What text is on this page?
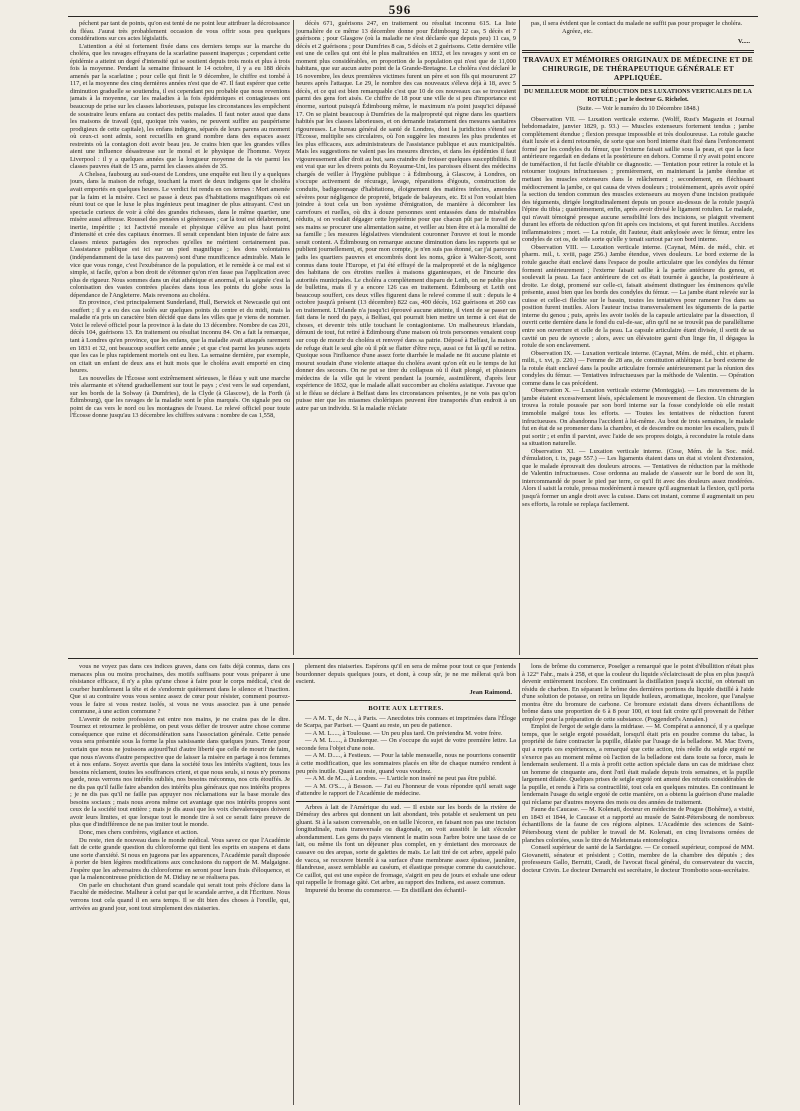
596

péchent par tant de points, qu'on est tenté de ne point leur attribuer la décroissance du fléau. J'aurai très probablement occasion de vous offrir sous peu quelques considérations sur ces actes législatifs.

L'attention a été si fortement fixée dans ces derniers temps sur la marche du choléra, que les ravages effrayans de la scarlatine passent inaperçus ; cependant cette épidémie a atteint un degré d'intensité qui se soutient depuis trois mois et plus à trois fois la moyenne. Pendant la semaine finissant le 14 octobre, il y a eu 188 décès amenés par la scarlatine ; pour celle qui finit le 9 décembre, le chiffre est tombé à 117, et la moyenne des cinq dernières années n'est que de 47. Il faut espérer que cette diminution graduelle se soutiendra, il est cependant peu probable que nous revenions jamais à la moyenne, car les maladies à la fois épidémiques et contagieuses ont beaucoup de prise sur les classes laborieuses, puisque les circonstances les empêchent de soustraire leurs enfans au contact des petits malades. Il faut noter aussi que dans les maisons de travail (qui, quoique très vastes, ne peuvent suffire au paupérisme prodigieux de cette capitale), les enfans indigens, séparés de leurs parens au moment où ceux-ci sont admis, sont recueillis en grand nombre dans des espaces assez restreints où la contagion doit avoir beau jeu. Je crains bien que les grandes villes aient une influence désastreuse sur le moral et le physique de l'homme. Voyez Liverpool : il y a quelques années que la longueur moyenne de la vie parmi les classes pauvres était de 15 ans, parmi les classes aisées de 35.

A Chelsea, faubourg au sud-ouest de Londres, une enquête eut lieu il y a quelques jours, dans la maison de refuge, touchant la mort de deux indigens que le choléra avait emportés en quelques heures. Le verdict fut rendu en ces termes : Mort amenée par la faim et la misère. Ceci se passe à deux pas d'habitations magnifiques où est réuni tout ce que le luxe le plus ingénieux peut imaginer de plus attrayant. C'est un spectacle curieux de voir à côté des grandes richesses, dans le même quartier, une misère aussi affreuse. Roussel des pensées si généreuses ; car là tout est délabrement, inertie, impéritie ; ici l'activité morale et physique s'élève au plus haut point d'intensité et crée des capitaux énormes. Il serait cependant bien injuste de faire aux classes mieux partagées des reproches qu'elles ne méritent certainement pas. L'assistance publique est ici sur un pied magnifique ; les dons volontaires (indépendamment de la taxe des pauvres) sont d'une munificence admirable. Mais le vice que vous ronge, c'est l'exubérance de la population, et le remède à ce mal est si simple, si facile, qu'on a bon droit de s'étonner qu'on n'en fasse pas l'application avec plus de rigueur. Nous sommes dans un état athénique et anormal, et la saignée c'est la colonisation des vastes contrées placées dans tous les points du globe sous la dépendance de l'Angleterre. Mais revenons au choléra.

En province, c'est principalement Sunderland, Hull, Berwick et Newcastle qui ont souffert ; il y a eu des cas isolés sur quelques points du centre et du midi, mais la maladie n'a pris un caractère bien décidé que dans les villes que je viens de nommer. Voici le relevé officiel pour la province à la date du 13 décembre. Nombre de cas 201, décès 104, guérisons 13. En traitement ou résultat inconnu 84. On a fait la remarque, tant à Londres qu'en province, que les enfans, que la maladie avait attaqués rarement en 1831 et 32, ont beaucoup souffert cette année ; et que c'est parmi les jeunes sujets que les cas le plus rapidement mortels ont eu lieu. La semaine dernière, par exemple, on citait un enfant de deux ans et huit mois que le choléra avait emporté en cinq heures.

Les nouvelles de l'Écosse sont extrêmement sérieuses, le fléau y suit une marche très alarmante et s'étend graduellement sur tout le pays ; c'est vers le sud cependant, sur les bords de la Solway (à Dumfries), de la Clyde (à Glascow), de la Forth (à Édimbourg), que les ravages de la maladie sont le plus marqués. On signale peu ou point de cas vers le nord ou les montagnes de l'ouest. Le relevé officiel pour toute l'Écosse donne jusqu'au 13 décembre les chiffres suivans : nombre de cas 1,558,

décès 671, guérisons 247, en traitement ou résultat inconnu 615. La liste journalière de ce même 13 décembre donne pour Édimbourg 12 cas, 5 décès et 7 guérisons ; pour Glasgow (où la maladie ne s'est déclarée que depuis peu) 11 cas, 9 décès et 2 guérisons ; pour Dumfries 8 cas, 5 décès et 2 guérisons. Cette dernière ville est une de celles qui ont été le plus maltraitées en 1832, et les ravages y sont en ce moment plus considérables, en proportion de la population qui n'est que de 11,000 habitans, que sur aucun autre point de la Grande-Bretagne. Le choléra s'est déclaré le 16 novembre, les deux premières victimes furent un père et son fils qui moururent 27 heures après l'attaque. Le 29, le nombre des cas nouveaux s'éleva déjà à 18, avec 5 décès, et ce qui est bien remarquable c'est que 10 de ces nouveaux cas se trouvaient parmi des gens fort aisés. Ce chiffre de 18 pour une ville de si peu d'importance est énorme, surtout puisqu'à Édimbourg même, le maximum n'a point jusqu'ici dépassé 17. On se plaint beaucoup à Dumfries de la malpropreté qui règne dans les quartiers habités par les classes laborieuses, et on demande instamment des mesures sanitaires rigoureuses. Le bureau général de santé de Londres, dont la juridiction s'étend sur l'Écosse, multiplie ses circulaires, où l'on suggère les mesures les plus prudentes et les plus efficaces, aux administrateurs de l'assistance publique et aux municipalités. Mais les suggestions ne valent pas les mesures directes, et dans les épidémies il faut vigoureusement aller droit au but, sans craindre de froisser quelques susceptibilités. Il est vrai que sur les divers points du Royaume-Uni, les paroisses élisent des médecins chargés de veiller à l'hygiène publique : à Édimbourg, à Glascow, à Londres, on s'occupe activement de récurage, lavage, réparations d'égouts, construction de conduits, badigeonnage d'habitations, éloignement des matières infectes, amendes sévères pour négligence de propreté, brigade de balayeurs, etc. Et si l'on voulait bien joindre à tout cela un bon système d'émigration, de manière à décombrer les carrefours et ruelles, où dix à douze personnes sont entassées dans de misérables réduits, si on voulait dégager cette hypérémie pour que chacun pût par le travail de ses mains se procurer une alimentation saine, et veiller au bien être et à la moralité de sa famille ; les mesures législatives viendraient couronner l'œuvre et tout le monde serait content. A Édimbourg on remarque aucune diminution dans les rapports qui se publient journellement, et, pour mon compte, je n'en suis pas étonné, car j'ai parcouru jadis les quartiers pauvres et encombrés dont les noms, grâce à Walter-Scott, sont connus dans toute l'Europe, et j'ai été effrayé de la malpropreté et de la négligence des habitans de ces étroites ruelles à maisons gigantesques, et de l'incurie des autorités municipales. Le choléra a complètement disparu de Leith, on ne publie plus de bulletins, mais il y a encore 126 cas en traitement. Édimbourg et Leith ont beaucoup souffert, ces deux villes figurent dans le relevé comme il suit : depuis le 4 octobre jusqu'à présent (13 décembre) 822 cas, 400 décès, 162 guérisons et 260 cas en traitement. L'Irlande n'a jusqu'ici éprouvé aucune atteinte, il vient de se passer un fait dans le nord du pays, à Belfast, qui pourrait bien mettre un terme à cet état de choses, et devenir très utile touchant le contagionisme. Un malheureux irlandais, démuni de tout, fut retiré à Édimbourg d'une maison où trois personnes venaient coup sur coup de mourir du choléra et renvoyé dans sa patrie. Déposé à Belfast, la maison de refuge était le seul gîte où il pût se flatter d'être reçu, aussi ce fut là qu'il se retira. Quoique sous l'influence d'une assez forte diarrhée le malade ne fit aucune plainte et mourut soudain d'une violente attaque du choléra avant qu'on eût eu le temps de lui donner des secours. On ne put se tirer du collapsus où il était plongé, et plusieurs médecins de la ville qui le virent pendant la journée, assimilèrent, d'après leur expérience de 1832, que le malade allait succomber au choléra asiatique. J'avoue que si le fléau se déclare à Belfast dans les circonstances présentes, je ne vois pas qu'on puisse nier que les miasmes cholériques peuvent être transportés d'un endroit à un autre par un individu. Si la maladie n'éclate

pas, il sera évident que le contact du malade ne suffit pas pour propager le choléra.

Agréez, etc.

V.....
TRAVAUX ET MÉMOIRES ORIGINAUX DE MÉDECINE ET DE CHIRURGIE, DE THÉRAPEUTIQUE GÉNÉRALE ET APPLIQUÉE.
DU MEILLEUR MODE DE RÉDUCTION DES LUXATIONS VERTICALES DE LA ROTULE ; par le docteur G. Richelot.
(Suite. — Voir le numéro du 10 Décembre 1848.)

Observation VII. — Luxation verticale externe. (Wolff, Rust's Magazin et Journal hebdomadaire, janvier 1829, p. 93.) — Muscles extenseurs fortement tendus ; jambe complètement étendue ; flexion presque impossible et très douloureuse. La rotule gauche était luxée et à demi retournée, de sorte que son bord interne était fixé dans l'enfoncement formé par les condyles du fémur, que l'externe faisait saillie sous la peau, et que la face antérieure regardait en dedans et la postérieure en dehors. Comme il n'y avait point encore de tuméfaction, il fut facile d'établir ce diagnostic. — Tentation pour retirer la rotule et la retourner toujours infructueuses ; premièrement, en maintenant la jambe étendue et mettant les muscles extenseurs dans le relâchement ; secondement, en fléchissant médiocrement la jambe, ce qui causa de vives douleurs ; troisièmement, après avoir opéré la section du tendon commun des muscles extenseurs au moyen d'une incision pratiquée des téguments, dirigée longitudinalement depuis un pouce au-dessus de la rotule jusqu'à l'épine du tibia ; quatrièmement, enfin, après avoir divisé le ligament rotulien. Le malade, qui n'avait témoigné presque aucune sensibilité lors des incisions, se plaignit vivement durant les efforts de réduction qu'on fit après ces incisions, et qui furent inutiles. Accidens inflammatoires ; mort. — La rotule, dit l'auteur, était ankylosée avec le fémur, entre les condyles de cet os, de telle sorte qu'elle y tenait surtout par son bord interne.

Observation VIII. — Luxation verticale interne. (Caynat, Mém. de méd., chir. et pharm. mil., t. xviii, page 256.) Jambe étendue, vives douleurs. Le bord externe de la rotule gauche était enclavé dans l'espace de poulie articulaire que les condyles du fémur forment antérieurement ; l'externe faisait saillie à la partie antérieure du genou, et soulevait la peau. La face antérieure de cet os était tournée à gauche, la postérieure à droite. Le doigt, promené sur celle-ci, faisait aisément distinguer les éminences qu'elle présente, aussi bien que les bords des condyles du fémur. — La jambe étant relevée sur la cuisse et celle-ci fléchie sur le bassin, toutes les tentatives pour ramener l'os dans sa position furent inutiles. Alors l'auteur incisa transversalement les téguments de la partie interne du genou ; puis, après les avoir isolés de la capsule articulaire par la dissection, il ouvrit cette dernière dans le fond du cul-de-sac, afin qu'il ne se trouvât pas de parallélisme entre son ouverture et celle de la peau. La capsule articulaire étant divisée, il sortit de sa cavité un peu de synovie ; alors, avec un élévatoire garni d'un linge fin, il dégagea la rotule de son enclavement.

Observation IX. — Luxation verticale interne. (Caynat, Mém. de méd., chir. et pharm. milit., t. xvi, p. 220.) — Femme de 28 ans, de constitution athlétique. Le bord externe de la rotule était enclavé dans la poulie articulaire formée antérieurement par la réunion des condyles du fémur. — Tentatives infructueuses par la méthode de Valentin. — Opération comme dans le cas précédent.

Observation X. — Luxation verticale externe (Monteggia). — Les mouvemens de la jambe étaient excessivement lésés, spécialement le mouvement de flexion. Un chirurgien trouva la rotule poussée par son bord interne sur la fosse condyloïde où elle restait immobile malgré tous les efforts. — Toutes les tentatives de réduction furent infructueuses. On abandonna l'accident à lui-même. Au bout de trois semaines, le malade fut en état de se promener dans la chambre, et de descendre ou monter les escaliers, puis il put sortir ; et enfin il parvint, avec l'aide de ses propres doigts, à reconduire la rotule dans sa situation naturelle.

Observation XI. — Luxation verticale interne. (Cose, Mém. de la Soc. méd. d'émulation, t. ix, page 557.) — Les ligaments étaient dans un état si violent d'extension, que le malade éprouvait des douleurs atroces. — Tentatives de réduction par la méthode de Valentin infructueuses. Cose ordonna au malade de s'asseoir sur le bord de son lit, intercommandé de poser le pied par terre, ce qu'il fit avec des douleurs assez modérées. Alors il saisit la rotule, pressa modérément à mesure qu'il augmentait la flexion, qu'il porta jusqu'à former un angle droit avec la cuisse. Dans cet instant, comme il augmentait un peu ses efforts, la rotule se replaça facilement.

vous ne voyez pas dans ces indices graves, dans ces faits déjà connus, dans ces menaces plus ou moins prochaines, des motifs suffisans pour vous préparer à une résistance efficace, il n'y a plus qu'une chose à faire pour le corps médical, c'est de courber humblement la tête et de s'endormir quiètement dans le silence et l'inaction. Que si au contraire vous vous sentez assez de cœur pour résister, comment pourrez-vous le faire si vous restez isolés, si vous ne vous associez pas à une pensée commune, à une action commune ?

L'avenir de notre profession est entre nos mains, je ne crains pas de le dire. Tournez et retournez le problème, on peut vous défier de trouver autre chose comme conséquence que ruine et déconsidération sans l'association générale. Cette pensée vous sera présentée sous la forme la plus saisissante dans quelques jours. Tenez pour certain que nous ne jouissons aujourd'hui d'autre liberté que celle de mourir de faim, que nous n'avons d'autre perspective que de laisser la misère en partage à nos femmes et à nos enfans. Soyez avertis que dans la société tous les intérêts s'agitent, tous les besoins réclament, toutes les souffrances crient, et que nous seuls, si nous n'y prenons garde, nous verrons nos intérêts oubliés, nos besoins méconnus, nos cris étouffés. Je ne dis pas qu'il faille faire abandon des intérêts plus généraux que nos intérêts propres ; je ne dis pas qu'il ne faille pas appuyer nos réclamations sur la base morale des besoins sociaux ; mais nous avons même cet avantage que nos intérêts propres sont ceux de la société tout entière ; mais je dis aussi que les voix chevaleresques doivent avoir leurs limites, et que lorsque tout le monde tire à soi ce serait faire preuve de plus que d'indifférence de ne pas imiter tout le monde.

Donc, mes chers confrères, vigilance et action.

Du reste, rien de nouveau dans le monde médical. Vous savez ce que l'Académie fait de cette grande question du chloroforme qui tient les esprits en suspens et dans une sorte d'anxiété. Si nous en jugeons par les apparences, l'Académie paraît disposée à porter de bien légères modifications aux conclusions du rapport de M. Malgaigne. J'espère que les adversaires du chloroforme en seront pour leurs frais d'éloquence, et que la malencontreuse prédiction de M. Didiay ne se réalisera pas.

On parle en chuchotant d'un grand scandale qui serait tout près d'éclore dans la Faculté de médecine. Malheur à celui par qui le scandale arrive, a dit l'Écriture. Nous verrons tout cela quand il en sera temps. Il se dit bien des choses à l'oreille, qui, arrivées au grand jour, sont tout simplement des niaiseries.

plement des niaiseries. Espérons qu'il en sera de même pour tout ce que j'entends bourdonner depuis quelques jours, et dont, à coup sûr, je ne me mêlerai qu'à bon escient.

Jean Raimond.
BOITE AUX LETTRES.

— A M. T., de N...., à Paris. — Anecdotes très connues et imprimées dans l'Éloge de Scarpa, par Pariset. — Quant au reste, un peu de patience.

— A M. L....., à Toulouse. — Un peu plus tard. On préviendra M. votre frère.

— A M. L....., à Dunkerque. — On s'occupe du sujet de votre première lettre. La seconde fera l'objet d'une note.

— A M. D....., à Festieux. — Pour la table mensuelle, nous ne pourrions consentir à cette modification, que les sommaires placés en tête de chaque numéro rendent à peu près inutile. Quant au reste, quand vous voudrez.

— A M. de M...., à Londres. — L'article non inséré ne peut pas être publié.

— A M. O'S...., à Besson. — J'ai eu l'honneur de vous répondre qu'il serait sage d'attendre le rapport de l'Académie de médecine.

Arbres à lait de l'Amérique du sud. — Il existe sur les bords de la rivière de Déméray des arbres qui donnent un lait abondant, très potable et seulement un peu gluant. Si à la saison convenable, on en taille l'écorce, en faisant non pas une incision longitudinale, mais transversale ou diagonale, on voit aussitôt le lait s'écouler abondamment. Les gens du pays viennent le matin sous l'arbre boire une tasse de ce lait, ou même ils font un déjeuner plus complet, en y émiettant des morceaux de cassave ou des arepas, sorte de galettes de maïs. Le lait tiré de cet arbre, appelé palo de vacca, se recouvre bientôt à sa surface d'une membrane assez épaisse, jaunâtre, filandreuse, assez semblable au caséum, et élastique presque comme du caoutchouc. Ce caillot, qui est une espèce de fromage, s'aigrit en peu de jours et exhale une odeur qui rappelle le fromage gâté. Cet arbre, au rapport des Indiens, est assez commun.

Impureté du brome du commerce. — En distillant des échantil-

lons de brôme du commerce, Poselger a remarqué que le point d'ébullition n'était plus à 122° Fahr., mais à 258, et que la couleur du liquide s'éclaircissait de plus en plus jusqu'à devenir entièrement incolore. En continuant la distillation jusqu'à siccité, on obtenait un résidu de charbon. En séparant le brôme des dernières portions du liquide distillé à l'aide d'une solution de potasse, on retira un liquide huileux, aromatique, incolore, que l'analyse montra être du bromure de carbone. Ce bromure existait dans divers échantillons de brôme dans une proportion de 6 à 8 pour 100, et tout fait croire qu'il provenait de l'éther employé pour la préparation de cette substance. (Poggendorf's Annalen.)

Emploi de l'ergot de seigle dans la midriase. — M. Compérat a annoncé, il y a quelque temps, que le seigle ergoté possédait, lorsqu'il était pris en poudre comme du tabac, la propriété de faire contracter la pupille, dilatée par l'usage de la belladone. M. Mac Evers, qui a repris ces expériences, a remarqué que cette action, très réelle du seigle ergoté ne s'exerce pas au moment même où l'action de la belladone est dans toute sa force, mais le lendemain seulement. Il a mis à profit cette action spéciale dans un cas de midriase chez un homme de cinquante ans, dont l'œil était malade depuis trois semaines, et la pupille largement dilatée. Quelques prises de seigle ergoté ont amené des retraits considérables de la pupille, et rendu à l'iris sa contractilité, tout cela en quelques minutes. En continuant le lendemain l'usage du seigle ergoté de cette manière, on a obtenu la guérison d'une maladie qui réclame par d'autres moyens des mois ou des années de traitement.

Faune du Caucase. — M. Kolenati, docteur en médecine de Prague (Bohême), a visité, en 1843 et 1844, le Caucase et a rapporté au musée de Saint-Pétersbourg de nombreux échantillons de la faune de ces régions alpines. L'Académie des sciences de Saint-Pétersbourg vient de publier le travail de M. Kolenati, en cinq livraisons ornées de planches coloriées, sous le titre de Meletemata entomologica.

Conseil supérieur de santé de la Sardaigne. — Ce conseil supérieur, composé de MM. Giovanetti, sénateur et président ; Cottin, membre de la chambre des députés ; des professeurs Gallo, Berrutti, Caudi, de l'avocat fiscal général, du conservateur du vaccin, docteur Crivin. Le docteur Demarchi est secrétaire, le docteur Trombotto sous-secrétaire.
